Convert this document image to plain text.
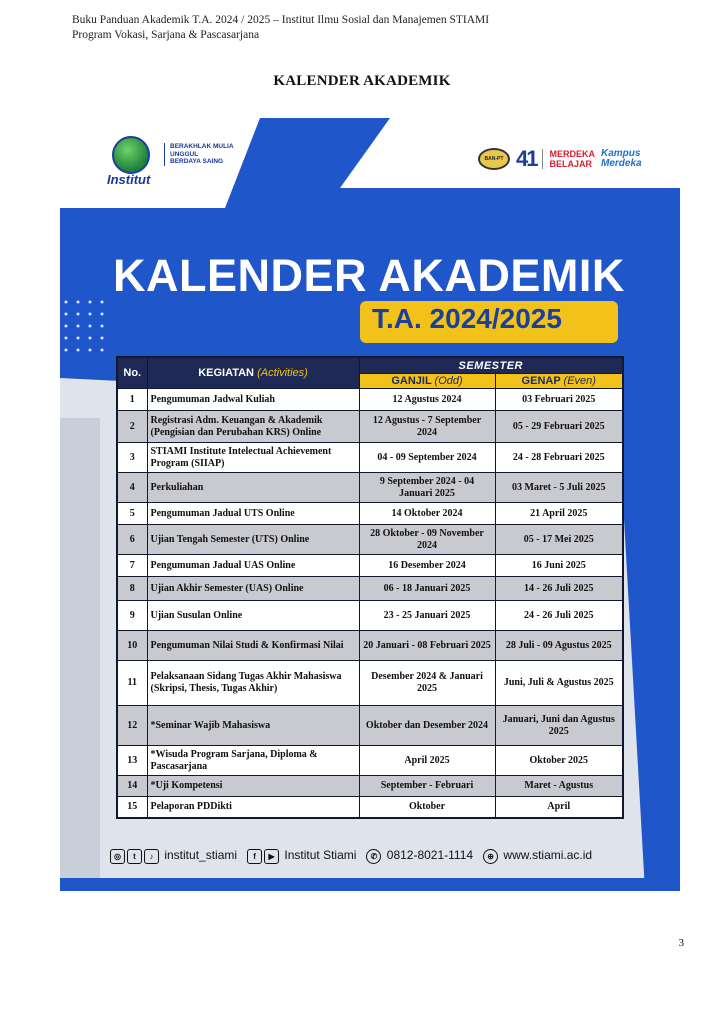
Buku Panduan Akademik T.A. 2024 / 2025 – Institut Ilmu Sosial dan Manajemen STIAMI
Program Vokasi, Sarjana & Pascasarjana
KALENDER AKADEMIK
Institut
BERAKHLAK MULIA
UNGGUL
BERDAYA SAING	BAN-PT 41 MERDEKA
BELAJAR
Kampus
Merdeka
KALENDER AKADEMIK
T.A. 2024/2025
No.	KEGIATAN (Activities)	SEMESTER	
		GANJIL (Odd)	GENAP (Even)
1	Pengumuman Jadwal Kuliah	12 Agustus 2024	03 Februari 2025
2	Registrasi Adm. Keuangan & Akademik (Pengisian dan Perubahan KRS) Online	12 Agustus - 7 September 2024	05 - 29 Februari 2025
3	STIAMI Institute Intelectual Achievement Program (SIIAP)	04 - 09 September 2024	24 - 28 Februari 2025
4	Perkuliahan	9 September 2024 - 04 Januari 2025	03 Maret - 5 Juli 2025
5	Pengumuman Jadual UTS Online	14 Oktober 2024	21 April 2025
6	Ujian Tengah Semester (UTS) Online	28 Oktober - 09 November 2024	05 - 17 Mei 2025
7	Pengumuman Jadual UAS Online	16 Desember 2024	16 Juni 2025
8	Ujian Akhir Semester (UAS) Online	06 - 18 Januari 2025	14 - 26 Juli 2025
9	Ujian Susulan Online	23 - 25 Januari 2025	24 - 26 Juli 2025
10	Pengumuman Nilai Studi & Konfirmasi Nilai	20 Januari - 08 Februari 2025	28 Juli - 09 Agustus 2025
11	Pelaksanaan Sidang Tugas Akhir Mahasiswa (Skripsi, Thesis, Tugas Akhir)	Desember 2024 & Januari 2025	Juni, Juli & Agustus 2025
12	*Seminar Wajib Mahasiswa	Oktober dan Desember 2024	Januari, Juni dan Agustus 2025
13	*Wisuda Program Sarjana, Diploma & Pascasarjana	April 2025	Oktober 2025
14	*Uji Kompetensi	September - Februari	Maret - Agustus
15	Pelaporan PDDikti	Oktober	April
◎ t ♪ institut_stiami	f ▶ Institut Stiami	✆ 0812-8021-1114	⊕ www.stiami.ac.id
3
